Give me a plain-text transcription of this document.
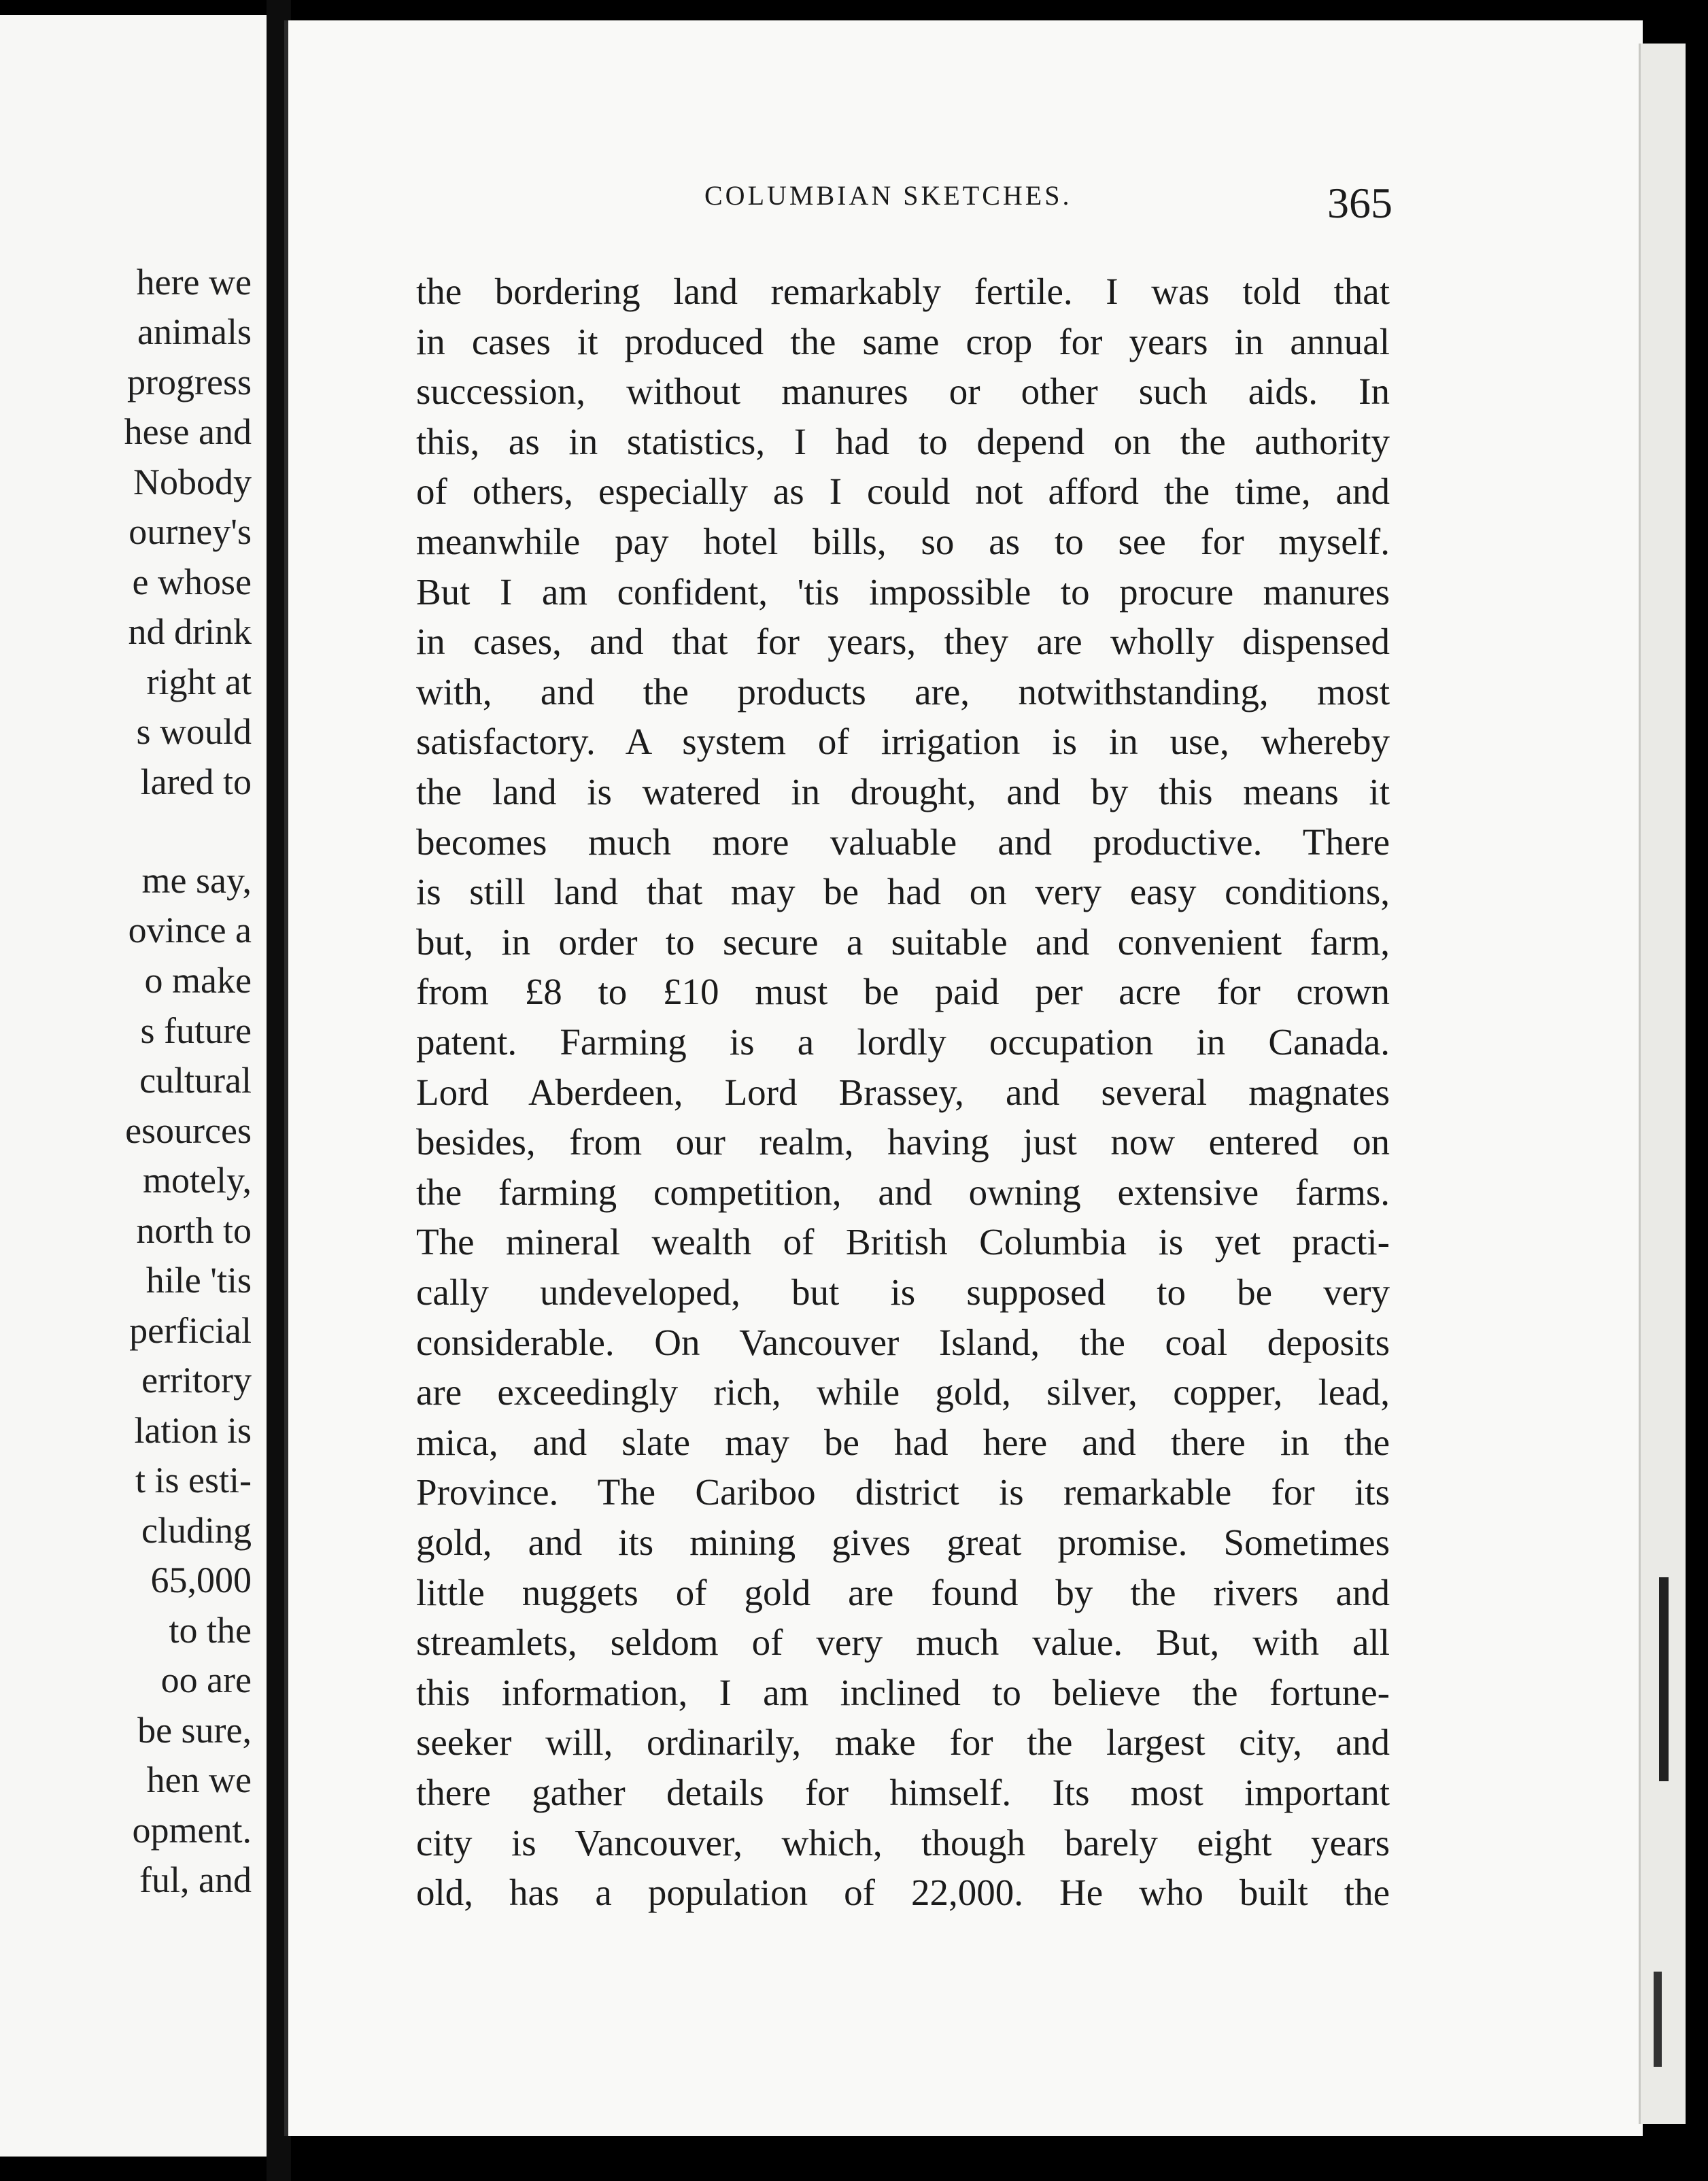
here we
animals
progress
hese and
Nobody
ourney's
e whose
nd drink
right at
s would
lared to
me say,
ovince a
o make
s future
cultural
esources
motely,
north to
hile 'tis
perficial
erritory
lation is
t is esti-
cluding
65,000
to the
oo are
be sure,
hen we
opment.
ful, and
COLUMBIAN SKETCHES.	365
the bordering land remarkably fertile. I was told that
in cases it produced the same crop for years in annual
succession, without manures or other such aids. In
this, as in statistics, I had to depend on the authority
of others, especially as I could not afford the time, and
meanwhile pay hotel bills, so as to see for myself.
But I am confident, 'tis impossible to procure manures
in cases, and that for years, they are wholly dispensed
with, and the products are, notwithstanding, most
satisfactory. A system of irrigation is in use, whereby
the land is watered in drought, and by this means it
becomes much more valuable and productive. There
is still land that may be had on very easy conditions,
but, in order to secure a suitable and convenient farm,
from £8 to £10 must be paid per acre for crown
patent. Farming is a lordly occupation in Canada.
Lord Aberdeen, Lord Brassey, and several magnates
besides, from our realm, having just now entered on
the farming competition, and owning extensive farms.
The mineral wealth of British Columbia is yet practi-
cally undeveloped, but is supposed to be very
considerable. On Vancouver Island, the coal deposits
are exceedingly rich, while gold, silver, copper, lead,
mica, and slate may be had here and there in the
Province. The Cariboo district is remarkable for its
gold, and its mining gives great promise. Sometimes
little nuggets of gold are found by the rivers and
streamlets, seldom of very much value. But, with all
this information, I am inclined to believe the fortune-
seeker will, ordinarily, make for the largest city, and
there gather details for himself. Its most important
city is Vancouver, which, though barely eight years
old, has a population of 22,000. He who built the
